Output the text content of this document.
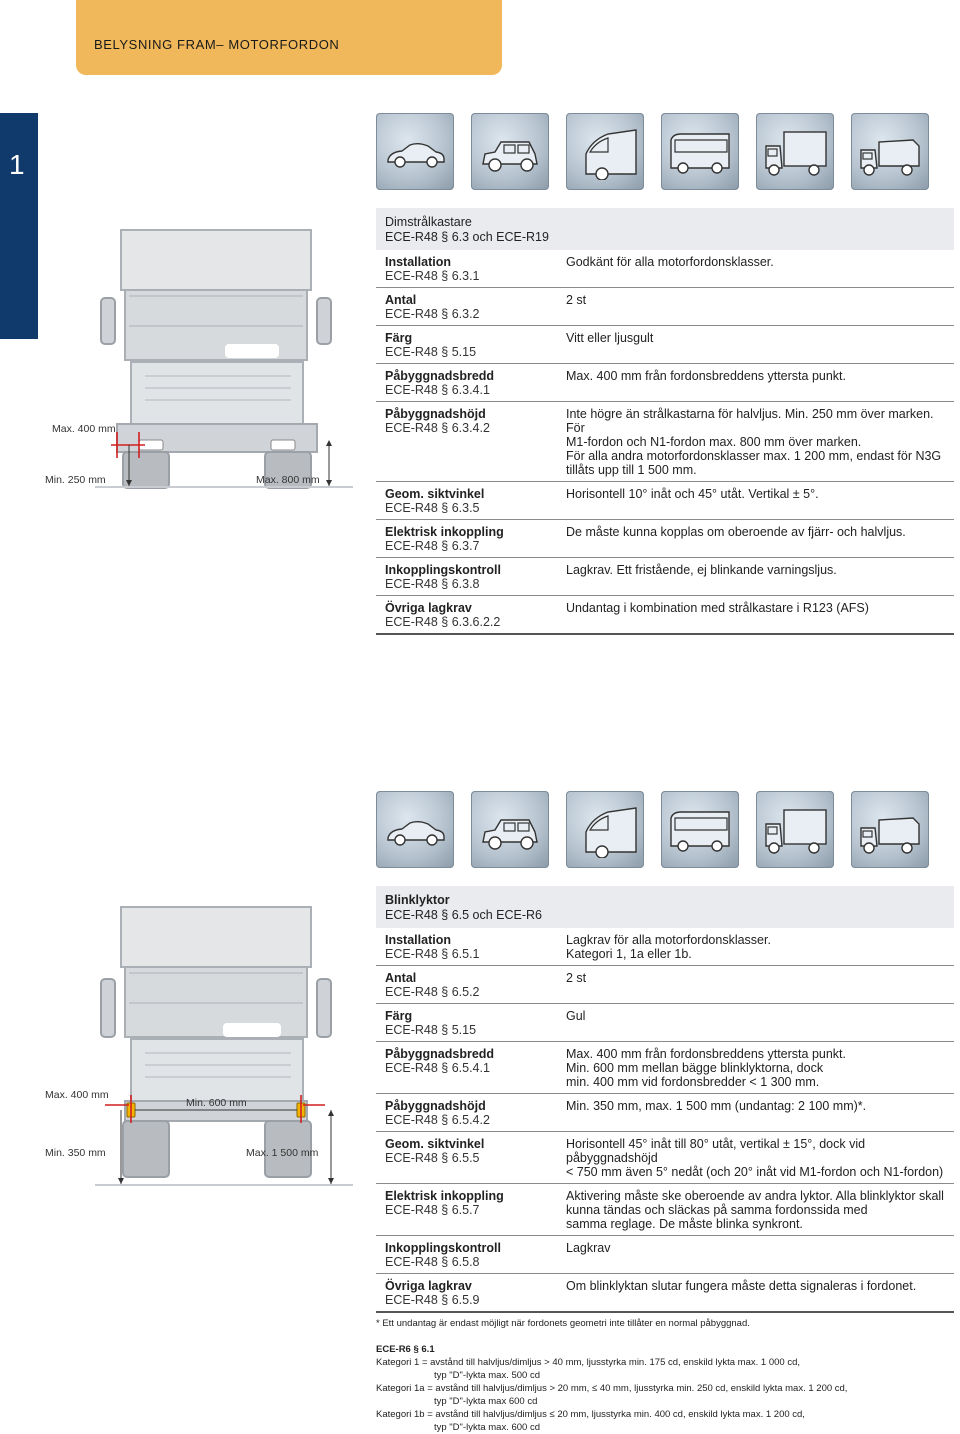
BELYSNING FRAM– MOTORFORDON
1
Max. 400 mm
Min. 250 mm	Max. 800 mm
Dimstrålkastare
ECE-R48 § 6.3 och ECE-R19
Installation
ECE-R48 § 6.3.1
Godkänt för alla motorfordonsklasser.
Antal
ECE-R48 § 6.3.2
2 st
Färg
ECE-R48 § 5.15
Vitt eller ljusgult
Påbyggnadsbredd
ECE-R48 § 6.3.4.1
Max. 400 mm från fordonsbreddens yttersta punkt.
Påbyggnadshöjd
ECE-R48 § 6.3.4.2
Inte högre än strålkastarna för halvljus. Min. 250 mm över marken. För
M1-fordon och N1-fordon max. 800 mm över marken.
För alla andra motorfordonsklasser max. 1 200 mm, endast för N3G
tillåts upp till 1 500 mm.
Geom. siktvinkel
ECE-R48 § 6.3.5
Horisontell 10° inåt och 45° utåt. Vertikal ± 5°.
Elektrisk inkoppling
ECE-R48 § 6.3.7
De måste kunna kopplas om oberoende av fjärr- och halvljus.
Inkopplingskontroll
ECE-R48 § 6.3.8
Lagkrav. Ett fristående, ej blinkande varningsljus.
Övriga lagkrav
ECE-R48 § 6.3.6.2.2
Undantag i kombination med strålkastare i R123 (AFS)
Max. 400 mm
Min. 600 mm
Min. 350 mm	Max. 1 500 mm
Blinklyktor
ECE-R48 § 6.5 och ECE-R6
Installation
ECE-R48 § 6.5.1
Lagkrav för alla motorfordonsklasser.
Kategori 1, 1a eller 1b.
Antal
ECE-R48 § 6.5.2
2 st
Färg
ECE-R48 § 5.15
Gul
Påbyggnadsbredd
ECE-R48 § 6.5.4.1
Max. 400 mm från fordonsbreddens yttersta punkt.
Min. 600 mm mellan bägge blinklyktorna, dock
min. 400 mm vid fordonsbredder < 1 300 mm.
Påbyggnadshöjd
ECE-R48 § 6.5.4.2
Min. 350 mm, max. 1 500 mm (undantag: 2 100 mm)*.
Geom. siktvinkel
ECE-R48 § 6.5.5
Horisontell 45° inåt till 80° utåt, vertikal ± 15°, dock vid påbyggnadshöjd
< 750 mm även 5° nedåt (och 20° inåt vid M1-fordon och N1-fordon)
Elektrisk inkoppling
ECE-R48 § 6.5.7
Aktivering måste ske oberoende av andra lyktor. Alla blinklyktor skall
kunna tändas och släckas på samma fordonssida med
samma reglage. De måste blinka synkront.
Inkopplingskontroll
ECE-R48 § 6.5.8
Lagkrav
Övriga lagkrav
ECE-R48 § 6.5.9
Om blinklyktan slutar fungera måste detta signaleras i fordonet.
* Ett undantag är endast möjligt när fordonets geometri inte tillåter en normal påbyggnad.
ECE-R6 § 6.1
Kategori 1 = avstånd till halvljus/dimljus > 40 mm, ljusstyrka min. 175 cd, enskild lykta max. 1 000 cd,
typ "D"-lykta max. 500 cd
Kategori 1a = avstånd till halvljus/dimljus > 20 mm, ≤ 40 mm, ljusstyrka min. 250 cd, enskild lykta max. 1 200 cd,
typ "D"-lykta max 600 cd
Kategori 1b = avstånd till halvljus/dimljus ≤ 20 mm, ljusstyrka min. 400 cd, enskild lykta max. 1 200 cd,
typ "D"-lykta max. 600 cd
